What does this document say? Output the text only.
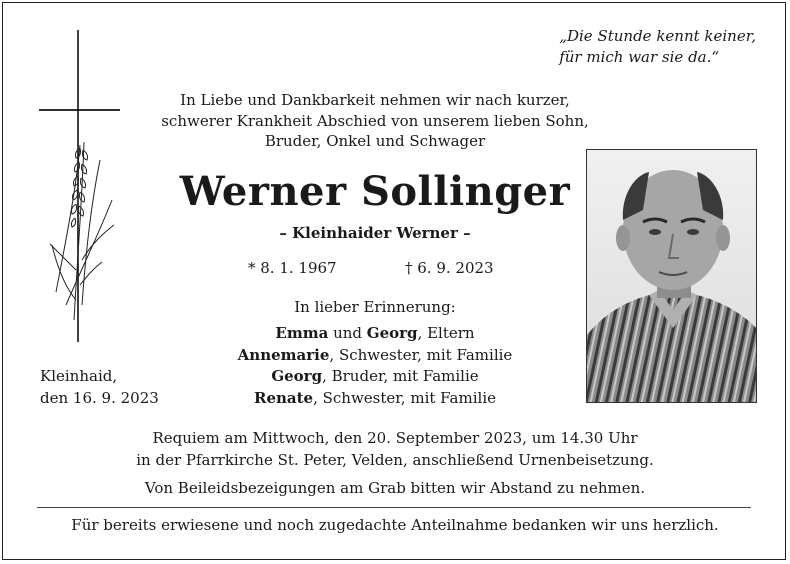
„Die Stunde kennt keiner,
für mich war sie da.“
In Liebe und Dankbarkeit nehmen wir nach kurzer,
schwerer Krankheit Abschied von unserem lieben Sohn,
Bruder, Onkel und Schwager
Werner Sollinger
– Kleinhaider Werner –
* 8. 1. 1967	† 6. 9. 2023
In lieber Erinnerung:
Emma und Georg, Eltern
Annemarie, Schwester, mit Familie
Georg, Bruder, mit Familie
Renate, Schwester, mit Familie
Kleinhaid,
den 16. 9. 2023
Requiem am Mittwoch, den 20. September 2023, um 14.30 Uhr
in der Pfarrkirche St. Peter, Velden, anschließend Urnenbeisetzung.
Von Beileidsbezeigungen am Grab bitten wir Abstand zu nehmen.
Für bereits erwiesene und noch zugedachte Anteilnahme bedanken wir uns herzlich.
